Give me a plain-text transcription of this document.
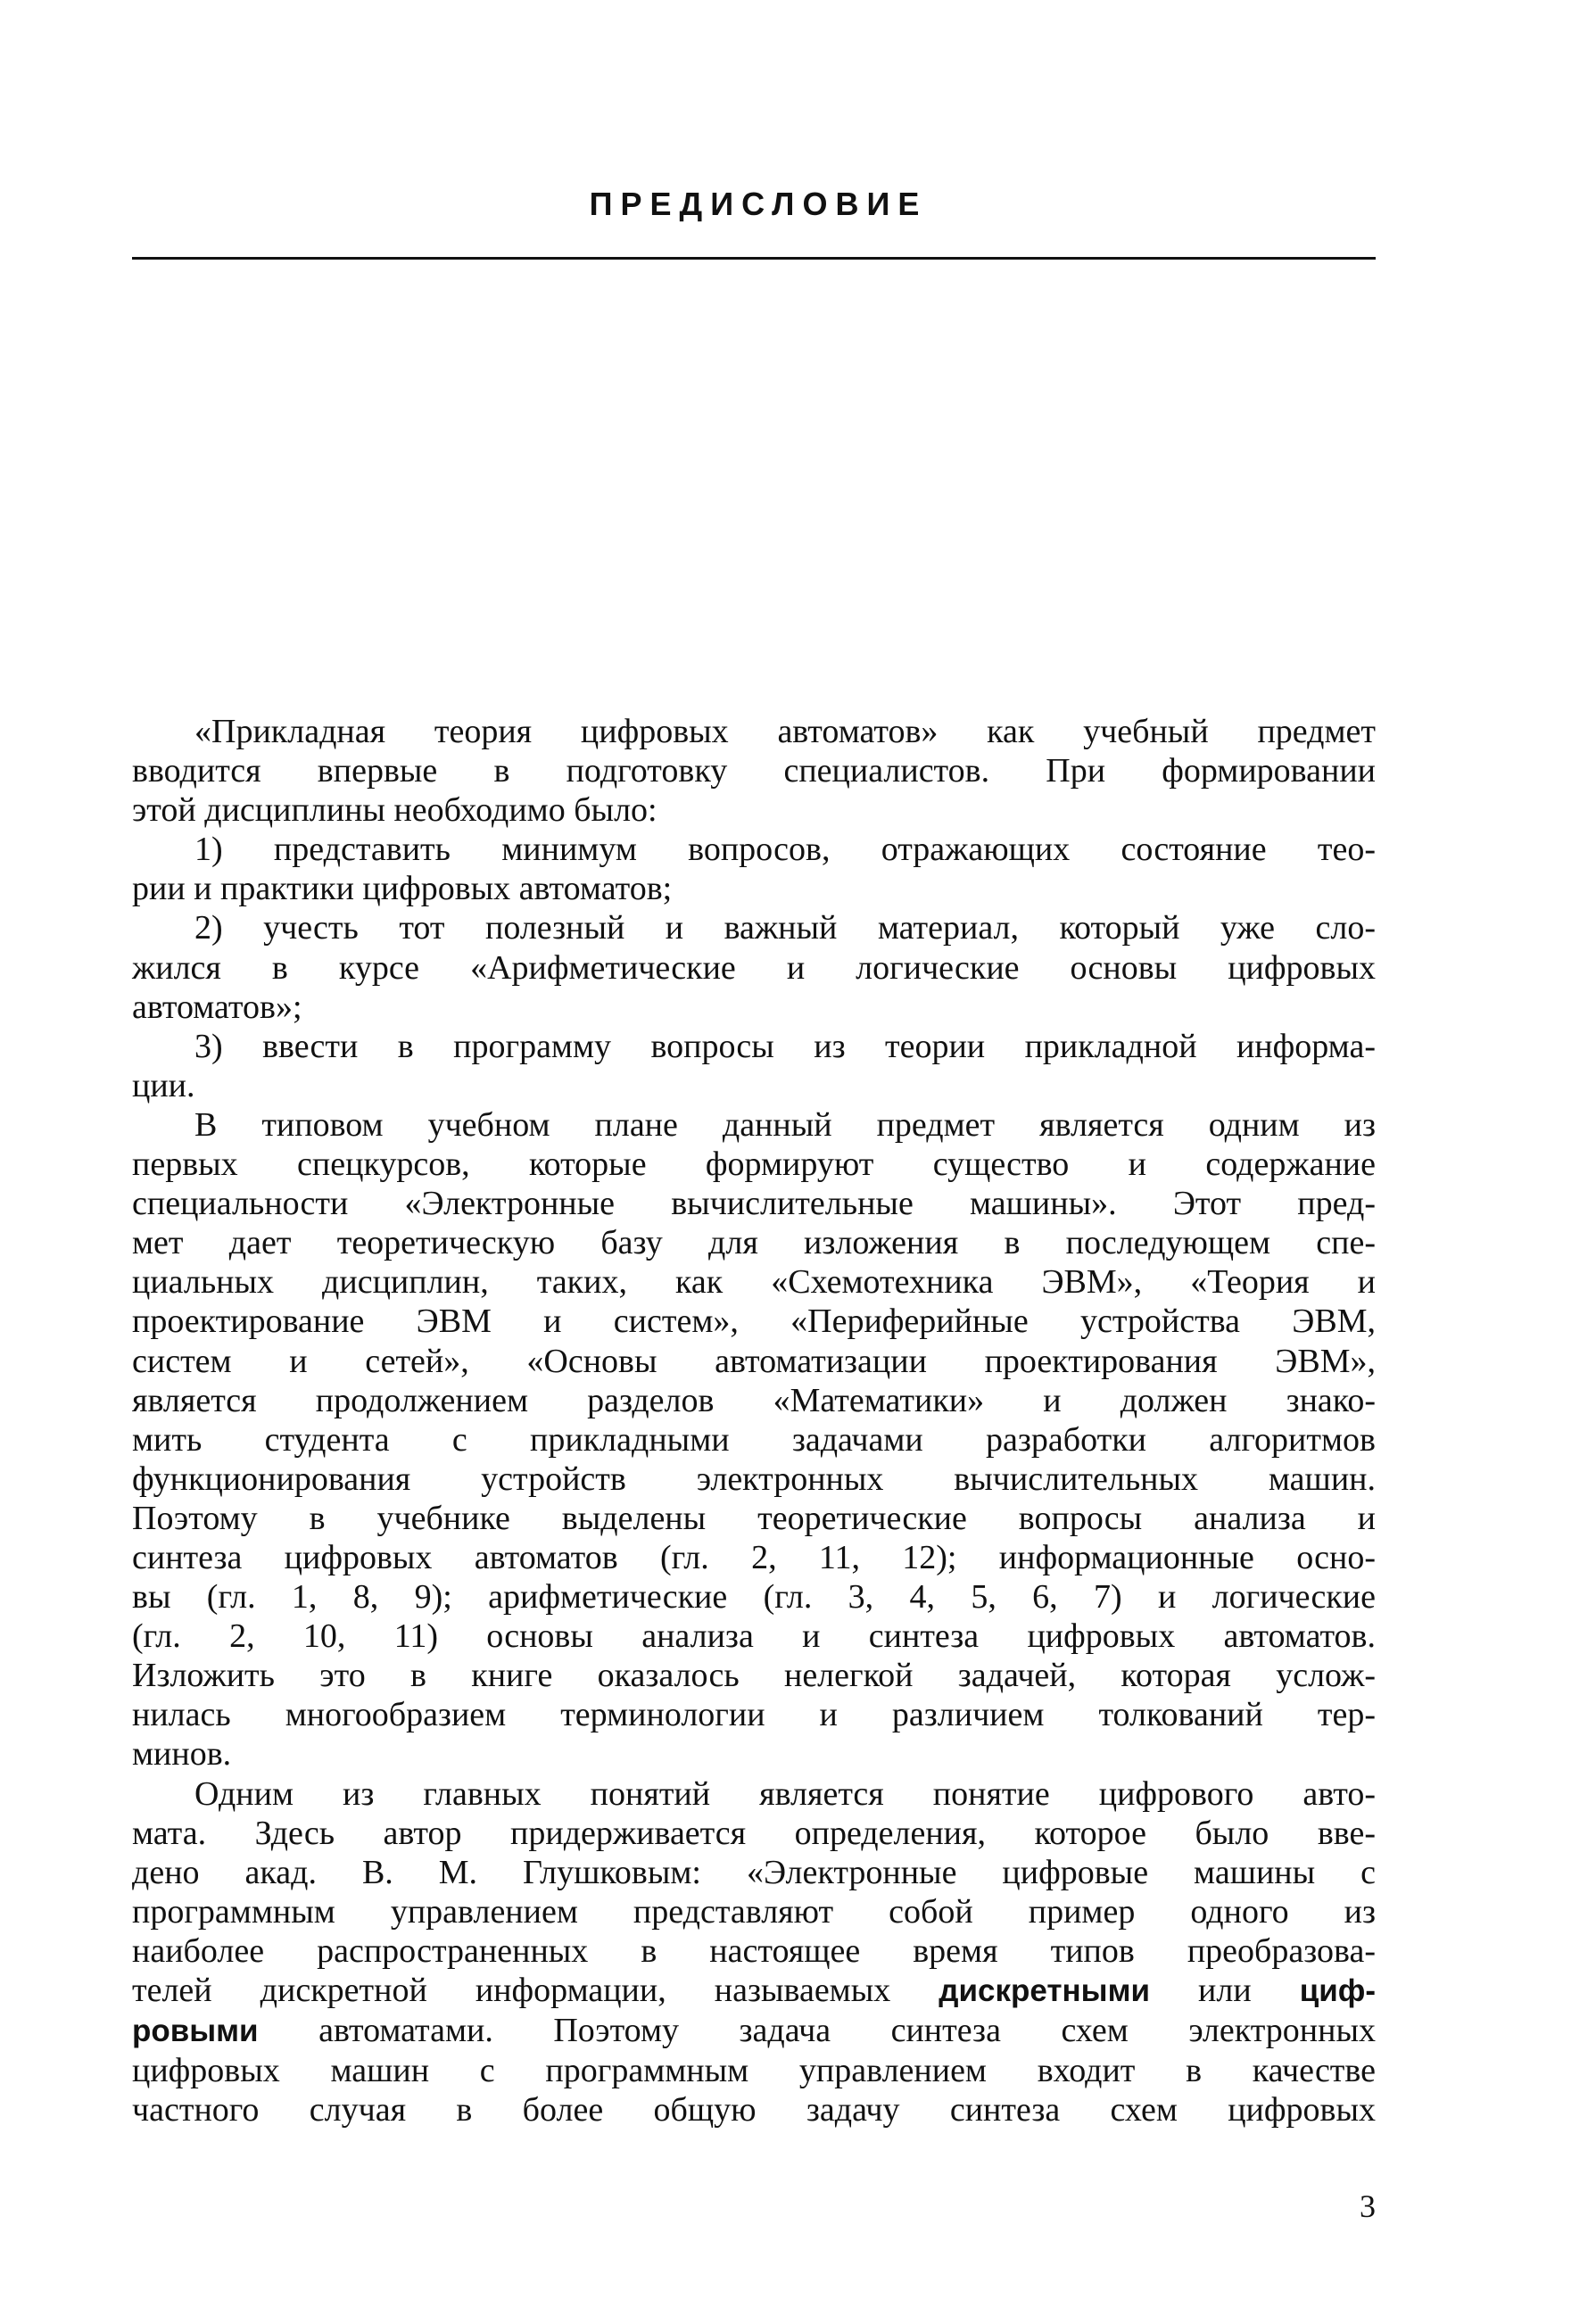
ПРЕДИСЛОВИЕ

«Прикладная теория цифровых автоматов» как учебный предмет
вводится впервые в подготовку специалистов. При формировании
этой дисциплины необходимо было:

1) представить минимум вопросов, отражающих состояние тео-
рии и практики цифровых автоматов;

2) учесть тот полезный и важный материал, который уже сло-
жился в курсе «Арифметические и логические основы цифровых
автоматов»;

3) ввести в программу вопросы из теории прикладной информа-
ции.

В типовом учебном плане данный предмет является одним из
первых спецкурсов, которые формируют существо и содержание
специальности «Электронные вычислительные машины». Этот пред-
мет дает теоретическую базу для изложения в последующем спе-
циальных дисциплин, таких, как «Схемотехника ЭВМ», «Теория и
проектирование ЭВМ и систем», «Периферийные устройства ЭВМ,
систем и сетей», «Основы автоматизации проектирования ЭВМ»,
является продолжением разделов «Математики» и должен знако-
мить студента с прикладными задачами разработки алгоритмов
функционирования устройств электронных вычислительных машин.
Поэтому в учебнике выделены теоретические вопросы анализа и
синтеза цифровых автоматов (гл. 2, 11, 12); информационные осно-
вы (гл. 1, 8, 9); арифметические (гл. 3, 4, 5, 6, 7) и логические
(гл. 2, 10, 11) основы анализа и синтеза цифровых автоматов.
Изложить это в книге оказалось нелегкой задачей, которая услож-
нилась многообразием терминологии и различием толкований тер-
минов.

Одним из главных понятий является понятие цифрового авто-
мата. Здесь автор придерживается определения, которое было вве-
дено акад. В. М. Глушковым: «Электронные цифровые машины с
программным управлением представляют собой пример одного из
наиболее распространенных в настоящее время типов преобразова-
телей дискретной информации, называемых дискретными или циф-
ровыми автоматами. Поэтому задача синтеза схем электронных
цифровых машин с программным управлением входит в качестве
частного случая в более общую задачу синтеза схем цифровых

3
